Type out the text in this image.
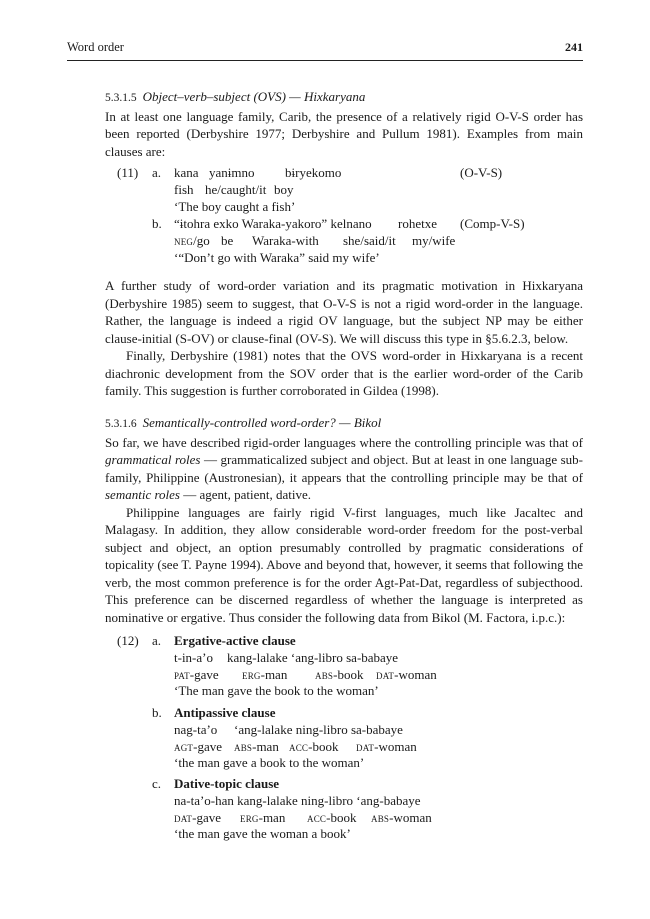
Word order	241
5.3.1.5 Object–verb–subject (OVS) — Hixkaryana

In at least one language family, Carib, the presence of a relatively rigid O-V-S order has been reported (Derbyshire 1977; Derbyshire and Pullum 1981). Examples from main clauses are:

(11) a. kana yanɨmno bɨryekomo
fish he/caught/it boy
‘The boy caught a fish’
(O-V-S)
b. “ɨtohra exko Waraka-yakoro” kelnano rohetxe
neg/go be Waraka-with she/said/it my/wife
‘“Don’t go with Waraka” said my wife’
(Comp-V-S)

A further study of word-order variation and its pragmatic motivation in Hixkaryana (Derbyshire 1985) seem to suggest, that O-V-S is not a rigid word-order in the language. Rather, the language is indeed a rigid OV language, but the subject NP may be either clause-initial (S-OV) or clause-final (OV-S). We will discuss this type in §5.6.2.3, below.

Finally, Derbyshire (1981) notes that the OVS word-order in Hixkaryana is a recent diachronic development from the SOV order that is the earlier word-order of the Carib family. This suggestion is further corroborated in Gildea (1998).

5.3.1.6 Semantically-controlled word-order? — Bikol

So far, we have described rigid-order languages where the controlling principle was that of grammatical roles — grammaticalized subject and object. But at least in one language sub-family, Philippine (Austronesian), it appears that the controlling principle may be that of semantic roles — agent, patient, dative.

Philippine languages are fairly rigid V-first languages, much like Jacaltec and Malagasy. In addition, they allow considerable word-order freedom for the post-verbal subject and object, an option presumably controlled by pragmatic considerations of topicality (see T. Payne 1994). Above and beyond that, however, it seems that following the verb, the most common preference is for the order Agt-Pat-Dat, regardless of subjecthood. This preference can be discerned regardless of whether the language is interpreted as nominative or ergative. Thus consider the following data from Bikol (M. Factora, i.p.c.):

(12) a. Ergative-active clause
t-in-a’o kang-lalake ‘ang-libro sa-babaye
pat-gave erg-man abs-book dat-woman
‘The man gave the book to the woman’
b. Antipassive clause
nag-ta’o ‘ang-lalake ning-libro sa-babaye
agt-gave abs-man acc-book dat-woman
‘the man gave a book to the woman’
c. Dative-topic clause
na-ta’o-han kang-lalake ning-libro ‘ang-babaye
dat-gave erg-man acc-book abs-woman
‘the man gave the woman a book’
